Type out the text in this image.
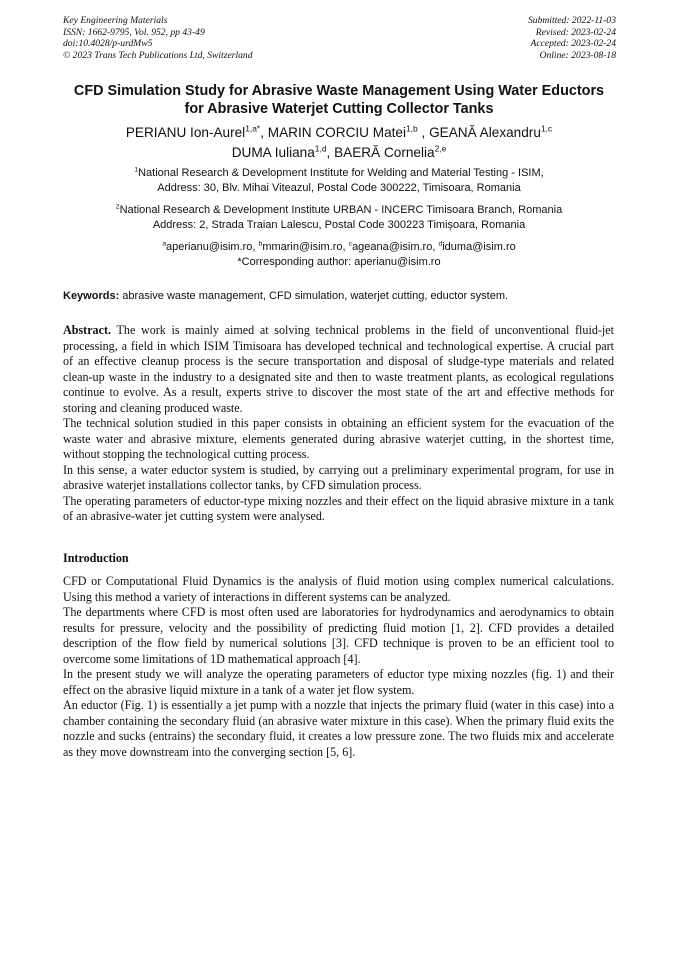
Key Engineering Materials
ISSN: 1662-9795, Vol. 952, pp 43-49
doi:10.4028/p-urdMw5
© 2023 Trans Tech Publications Ltd, Switzerland
Submitted: 2022-11-03
Revised: 2023-02-24
Accepted: 2023-02-24
Online: 2023-08-18
CFD Simulation Study for Abrasive Waste Management Using Water Eductors for Abrasive Waterjet Cutting Collector Tanks
PERIANU Ion-Aurel$^{1,a*}$, MARIN CORCIU Matei$^{1,b}$ , GEANĂ Alexandru$^{1,c}$
DUMA Iuliana$^{1,d}$, BAERĂ Cornelia$^{2,e}$
$^1$National Research & Development Institute for Welding and Material Testing - ISIM,
Address: 30, Blv. Mihai Viteazul, Postal Code 300222, Timisoara, Romania
$^2$National Research & Development Institute URBAN - INCERC Timisoara Branch, Romania
Address: 2, Strada Traian Lalescu, Postal Code 300223 Timișoara, Romania
$^a$aperianu@isim.ro, $^b$mmarin@isim.ro, $^c$ageana@isim.ro, $^d$iduma@isim.ro
*Corresponding author: aperianu@isim.ro
Keywords: abrasive waste management, CFD simulation, waterjet cutting, eductor system.

Abstract. The work is mainly aimed at solving technical problems in the field of unconventional fluid-jet processing, a field in which ISIM Timisoara has developed technical and technological expertise. A crucial part of an effective cleanup process is the secure transportation and disposal of sludge-type materials and related clean-up waste in the industry to a designated site and then to waste treatment plants, as ecological regulations continue to evolve. As a result, experts strive to discover the most state of the art and effective methods for storing and cleaning produced waste.

The technical solution studied in this paper consists in obtaining an efficient system for the evacuation of the waste water and abrasive mixture, elements generated during abrasive waterjet cutting, in the shortest time, without stopping the technological cutting process.

In this sense, a water eductor system is studied, by carrying out a preliminary experimental program, for use in abrasive waterjet installations collector tanks, by CFD simulation process.

The operating parameters of eductor-type mixing nozzles and their effect on the liquid abrasive mixture in a tank of an abrasive-water jet cutting system were analysed.

Introduction

CFD or Computational Fluid Dynamics is the analysis of fluid motion using complex numerical calculations. Using this method a variety of interactions in different systems can be analyzed.

The departments where CFD is most often used are laboratories for hydrodynamics and aerodynamics to obtain results for pressure, velocity and the possibility of predicting fluid motion [1, 2]. CFD provides a detailed description of the flow field by numerical solutions [3]. CFD technique is proven to be an efficient tool to overcome some limitations of 1D mathematical approach [4].

In the present study we will analyze the operating parameters of eductor type mixing nozzles (fig. 1) and their effect on the abrasive liquid mixture in a tank of a water jet flow system.

An eductor (Fig. 1) is essentially a jet pump with a nozzle that injects the primary fluid (water in this case) into a chamber containing the secondary fluid (an abrasive water mixture in this case). When the primary fluid exits the nozzle and sucks (entrains) the secondary fluid, it creates a low pressure zone. The two fluids mix and accelerate as they move downstream into the converging section [5, 6].
